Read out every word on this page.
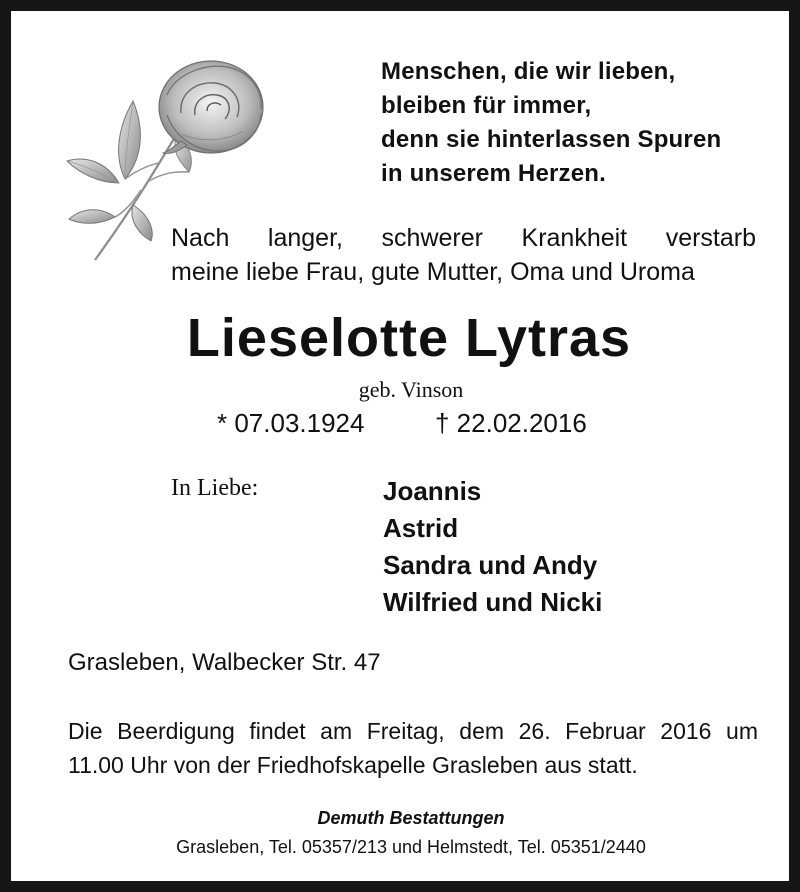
Menschen, die wir lieben,
bleiben für immer,
denn sie hinterlassen Spuren
in unserem Herzen.
Nach langer, schwerer Krankheit verstarb
meine liebe Frau, gute Mutter, Oma und Uroma
Lieselotte Lytras
geb. Vinson
* 07.03.1924	† 22.02.2016
In Liebe:	Joannis
Astrid
Sandra und Andy
Wilfried und Nicki
Grasleben, Walbecker Str. 47
Die Beerdigung findet am Freitag, dem 26. Februar 2016 um
11.00 Uhr von der Friedhofskapelle Grasleben aus statt.
Demuth Bestattungen
Grasleben, Tel. 05357/213 und Helmstedt, Tel. 05351/2440
